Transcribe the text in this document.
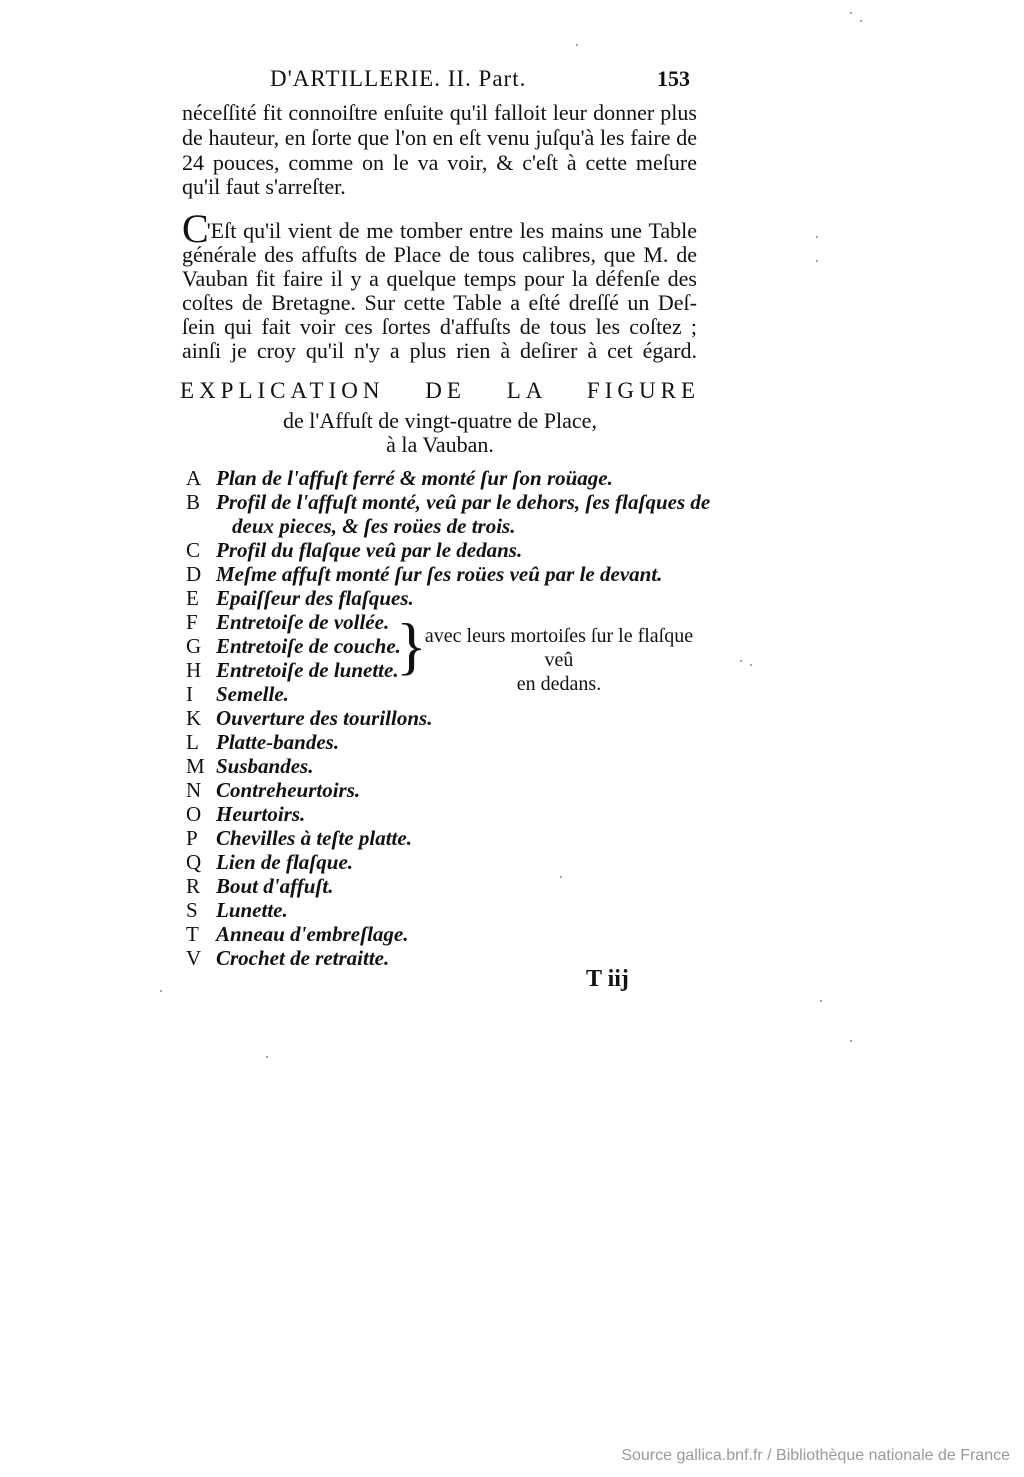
D'ARTILLERIE. II. Part.	153
néceſſité fit connoiſtre enſuite qu'il falloit leur donner plus
de hauteur, en ſorte que l'on en eſt venu juſqu'à les faire de
24 pouces, comme on le va voir, & c'eſt à cette meſure
qu'il faut s'arreſter.
C'Eſt qu'il vient de me tomber entre les mains une Table
générale des affuſts de Place de tous calibres, que M. de
Vauban fit faire il y a quelque temps pour la défenſe des
coſtes de Bretagne. Sur cette Table a eſté dreſſé un Deſ-
ſein qui fait voir ces ſortes d'affuſts de tous les coſtez ;
ainſi je croy qu'il n'y a plus rien à deſirer à cet égard.
EXPLICATION DE LA FIGURE
de l'Affuſt de vingt-quatre de Place,
à la Vauban.
A Plan de l'affuſt ferré & monté ſur ſon roüage.
B Profil de l'affuſt monté, veû par le dehors, ſes flaſques de
deux pieces, & ſes roües de trois.
C Profil du flaſque veû par le dedans.
D Meſme affuſt monté ſur ſes roües veû par le devant.
E Epaiſſeur des flaſques.
F Entretoiſe de vollée.
G Entretoiſe de couche.
H Entretoiſe de lunette.
I	Semelle.
K Ouverture des tourillons.
L Platte-bandes.
M Susbandes.
N Contreheurtoirs.
O Heurtoirs.
P Chevilles à teſte platte.
Q Lien de flaſque.
R Bout d'affuſt.
S Lunette.
T Anneau d'embreſlage.
V Crochet de retraitte.
}
avec leurs mortoiſes ſur le flaſque veû
en dedans.
T iij
Source gallica.bnf.fr / Bibliothèque nationale de France
